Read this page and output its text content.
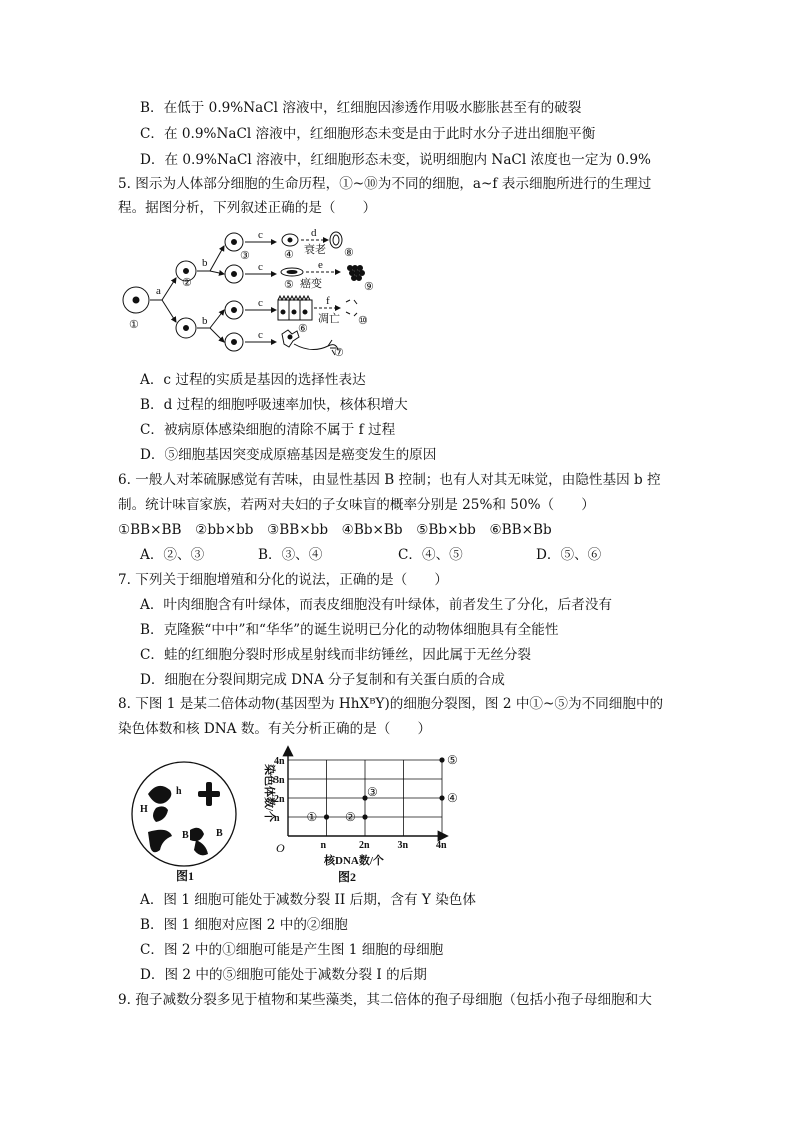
B．在低于 0.9%NaCl 溶液中，红细胞因渗透作用吸水膨胀甚至有的破裂
C．在 0.9%NaCl 溶液中，红细胞形态未变是由于此时水分子进出细胞平衡
D．在 0.9%NaCl 溶液中，红细胞形态未变，说明细胞内 NaCl 浓度也一定为 0.9%
5. 图示为人体部分细胞的生命历程，①~⑩为不同的细胞，a~f 表示细胞所进行的生理过
程。据图分析，下列叙述正确的是（　　）
a
b
b
c
c
c
c
d
衰老
e
癌变
f
凋亡
①
②
③	④
⑤
⑥
⑦
⑧
⑨
⑩
A．c 过程的实质是基因的选择性表达
B．d 过程的细胞呼吸速率加快，核体积增大
C．被病原体感染细胞的清除不属于 f 过程
D．⑤细胞基因突变成原癌基因是癌变发生的原因
6. 一般人对苯硫脲感觉有苦味，由显性基因 B 控制；也有人对其无味觉，由隐性基因 b 控
制。统计味盲家族，若两对夫妇的子女味盲的概率分别是 25%和 50%（　　）
①BB×BB　②bb×bb　③BB×bb　④Bb×Bb　⑤Bb×bb　⑥BB×Bb
A．②、③	B．③、④	C．④、⑤	D．⑤、⑥
7. 下列关于细胞增殖和分化的说法，正确的是（　　）
A．叶肉细胞含有叶绿体，而表皮细胞没有叶绿体，前者发生了分化，后者没有
B．克隆猴“中中”和“华华”的诞生说明已分化的动物体细胞具有全能性
C．蛙的红细胞分裂时形成星射线而非纺锤丝，因此属于无丝分裂
D．细胞在分裂间期完成 DNA 分子复制和有关蛋白质的合成
8. 下图 1 是某二倍体动物(基因型为 HhXᴮY)的细胞分裂图，图 2 中①~⑤为不同细胞中的
染色体数和核 DNA 数。有关分析正确的是（　　）
H
h
B	B
图1
n	2n	3n	4n
n
2n
3n
4n
① ②
③	④
⑤
O
核DNA数/个
染色体数/个
图2
A．图 1 细胞可能处于减数分裂 II 后期，含有 Y 染色体
B．图 1 细胞对应图 2 中的②细胞
C．图 2 中的①细胞可能是产生图 1 细胞的母细胞
D．图 2 中的⑤细胞可能处于减数分裂 I 的后期
9. 孢子减数分裂多见于植物和某些藻类，其二倍体的孢子母细胞（包括小孢子母细胞和大
